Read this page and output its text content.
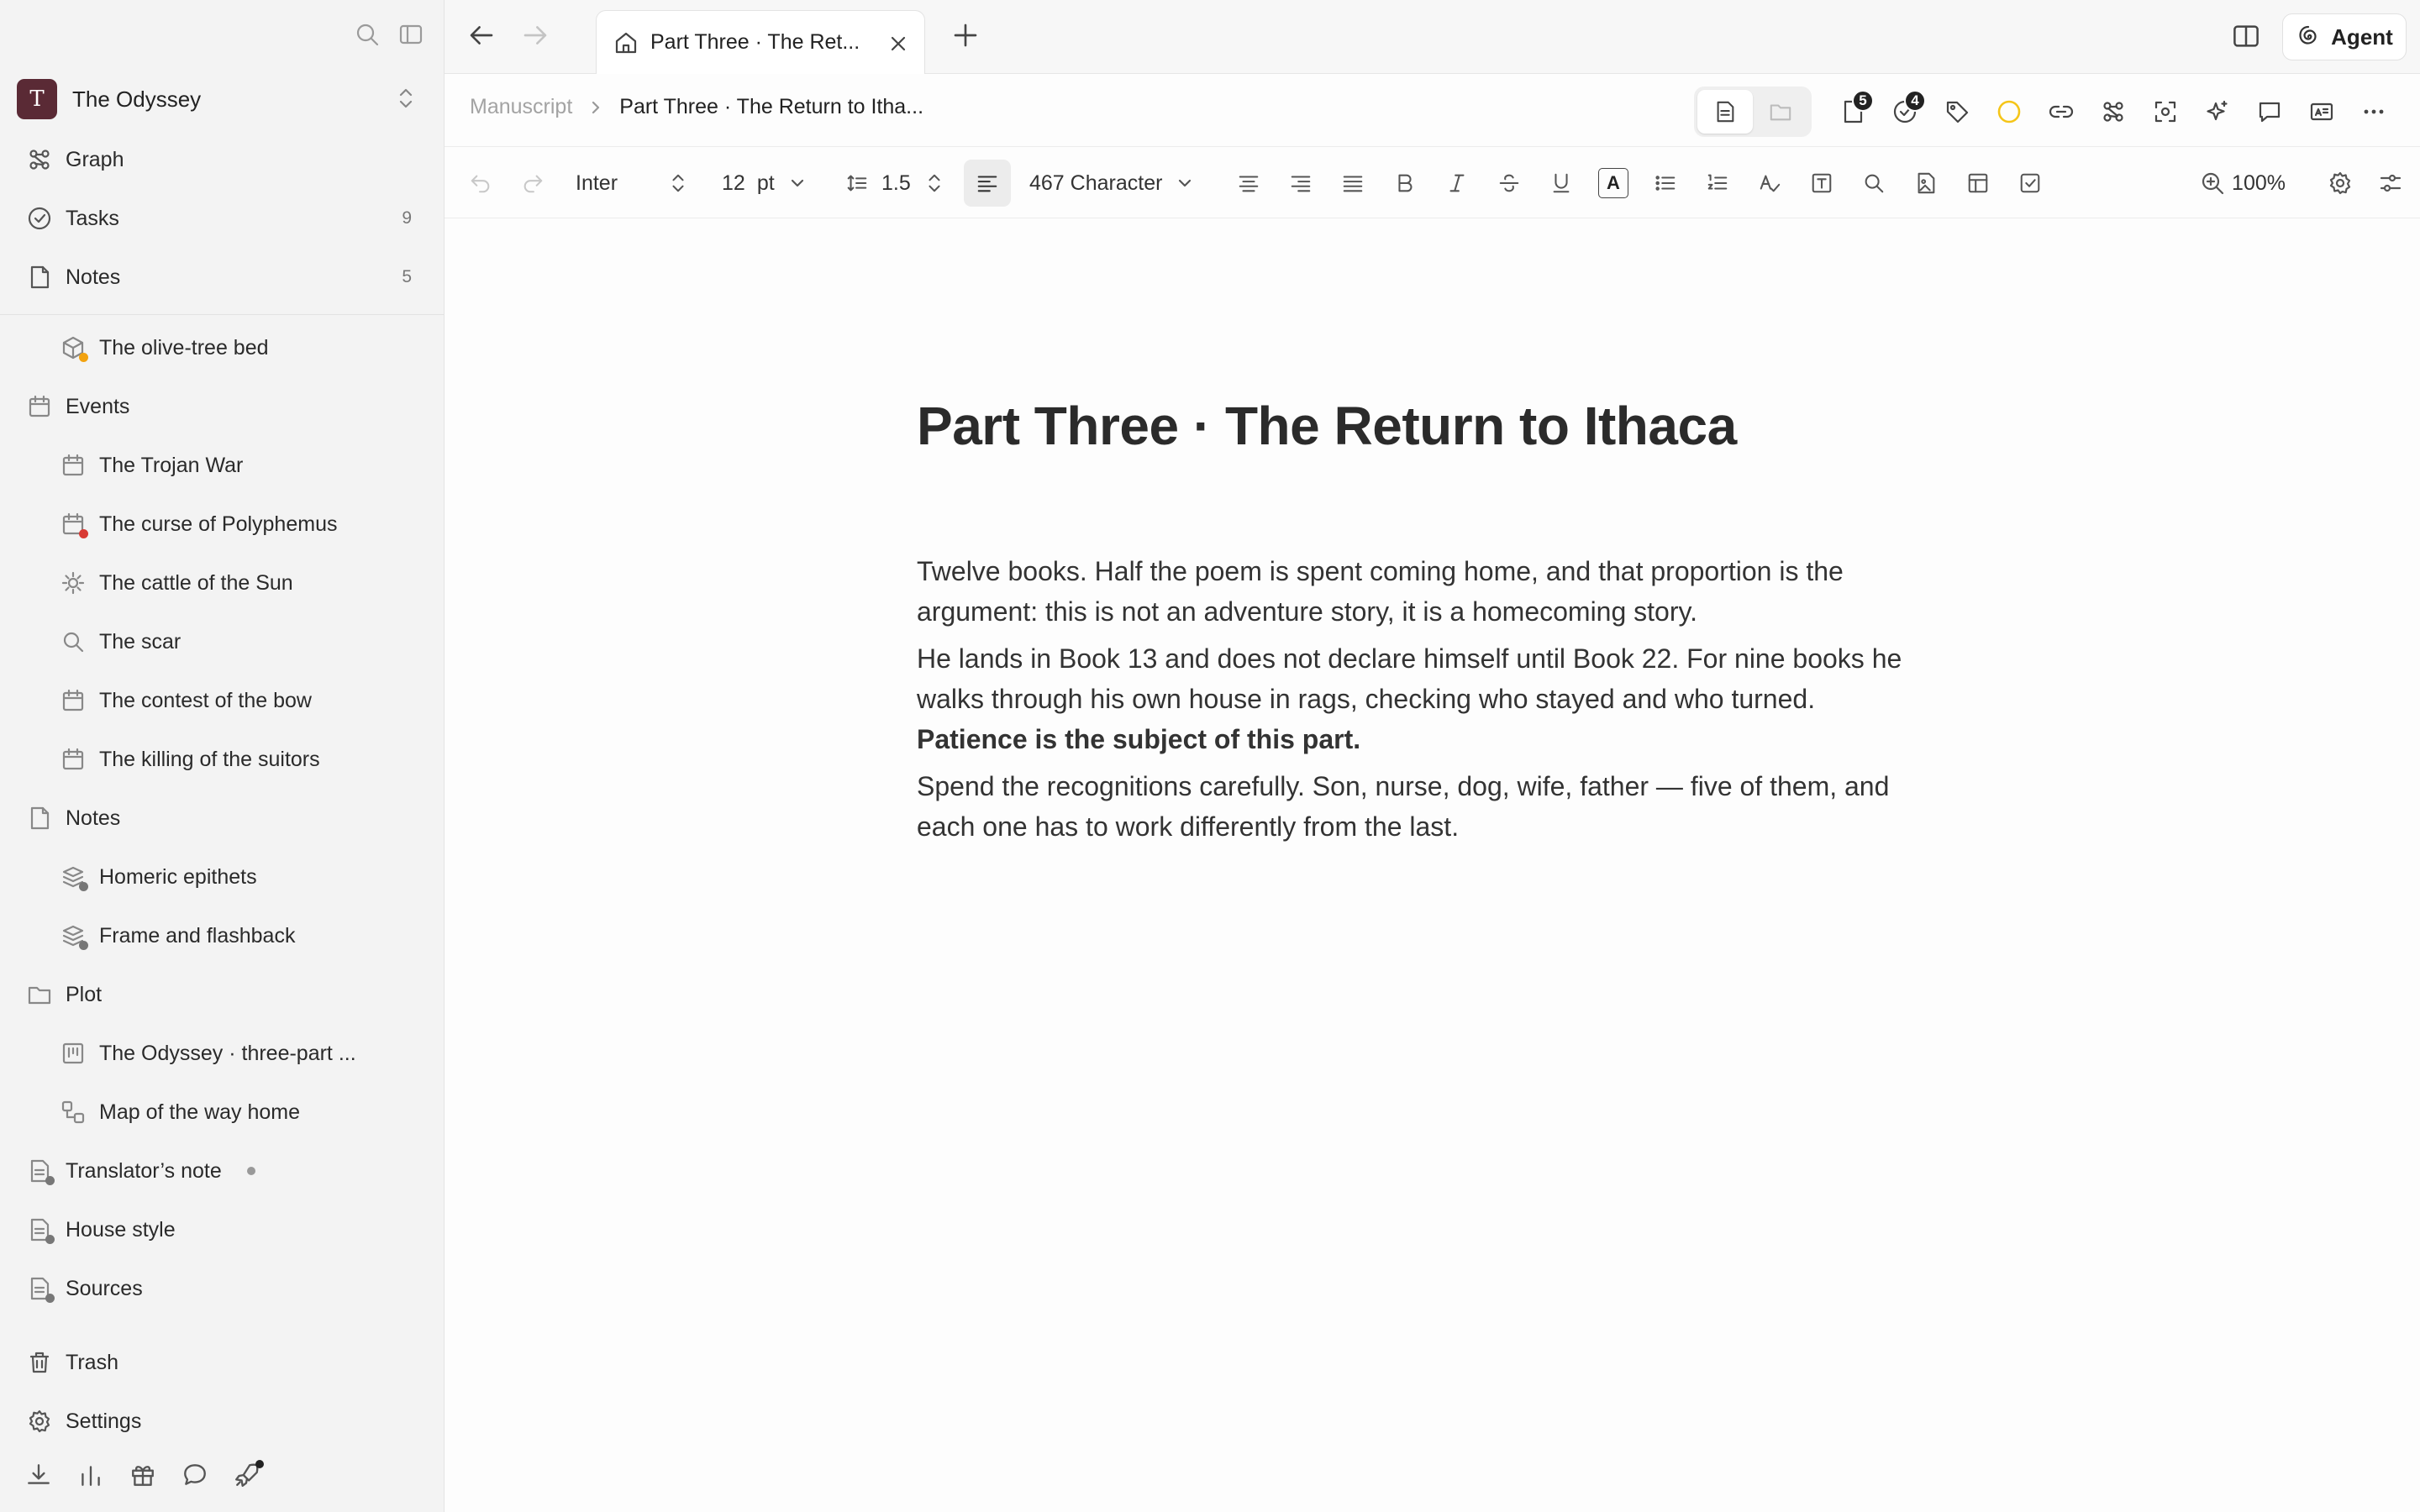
T	The Odyssey
Graph
Tasks	9
Notes	5
The olive-tree bed
Events
The Trojan War
The curse of Polyphemus
The cattle of the Sun
The scar
The contest of the bow
The killing of the suitors
Notes
Homeric epithets
Frame and flashback
Plot
The Odyssey · three-part ...
Map of the way home
Translator’s note
House style
Sources
Trash
Settings
Part Three · The Ret...	Agent
Manuscript Part Three · The Return to Itha...	5	4
Inter	12 pt	1.5	467 Character	A	100%
Part Three · The Return to Ithaca

Twelve books. Half the poem is spent coming home, and that proportion is the argument: this is not an adventure story, it is a homecoming story.

He lands in Book 13 and does not declare himself until Book 22. For nine books he walks through his own house in rags, checking who stayed and who turned.
Patience is the subject of this part.

Spend the recognitions carefully. Son, nurse, dog, wife, father — five of them, and each one has to work differently from the last.
